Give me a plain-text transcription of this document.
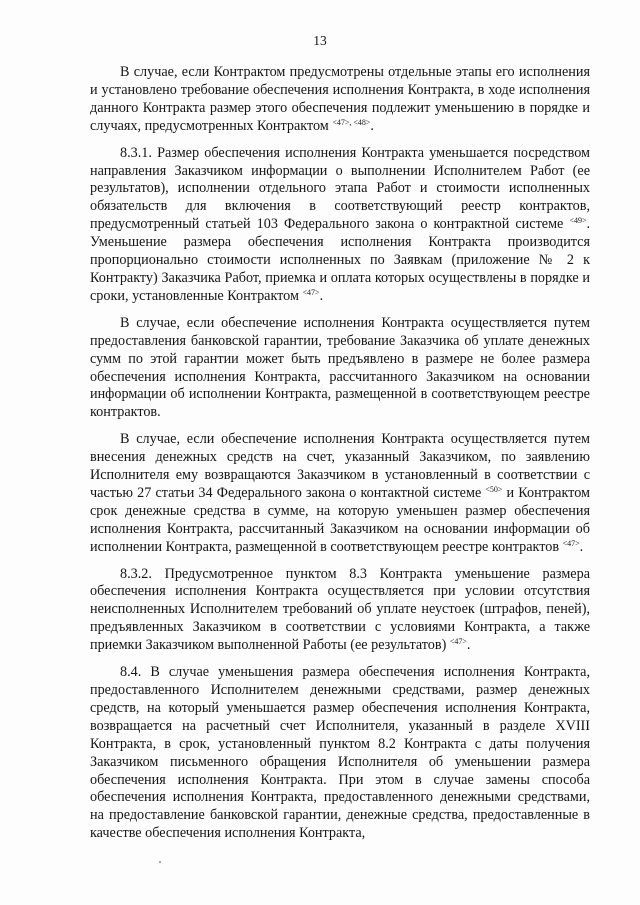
13

В случае, если Контрактом предусмотрены отдельные этапы его исполнения и установлено требование обеспечения исполнения Контракта, в ходе исполнения данного Контракта размер этого обеспечения подлежит уменьшению в порядке и случаях, предусмотренных Контрактом $^{<47>, <48>}$.

8.3.1. Размер обеспечения исполнения Контракта уменьшается посредством направления Заказчиком информации о выполнении Исполнителем Работ (ее результатов), исполнении отдельного этапа Работ и стоимости исполненных обязательств для включения в соответствующий реестр контрактов, предусмотренный статьей 103 Федерального закона о контрактной системе $^{<49>}$. Уменьшение размера обеспечения исполнения Контракта производится пропорционально стоимости исполненных по Заявкам (приложение № 2 к Контракту) Заказчика Работ, приемка и оплата которых осуществлены в порядке и сроки, установленные Контрактом $^{<47>}$.

В случае, если обеспечение исполнения Контракта осуществляется путем предоставления банковской гарантии, требование Заказчика об уплате денежных сумм по этой гарантии может быть предъявлено в размере не более размера обеспечения исполнения Контракта, рассчитанного Заказчиком на основании информации об исполнении Контракта, размещенной в соответствующем реестре контрактов.

В случае, если обеспечение исполнения Контракта осуществляется путем внесения денежных средств на счет, указанный Заказчиком, по заявлению Исполнителя ему возвращаются Заказчиком в установленный в соответствии с частью 27 статьи 34 Федерального закона о контактной системе $^{<50>}$ и Контрактом срок денежные средства в сумме, на которую уменьшен размер обеспечения исполнения Контракта, рассчитанный Заказчиком на основании информации об исполнении Контракта, размещенной в соответствующем реестре контрактов $^{<47>}$.

8.3.2. Предусмотренное пунктом 8.3 Контракта уменьшение размера обеспечения исполнения Контракта осуществляется при условии отсутствия неисполненных Исполнителем требований об уплате неустоек (штрафов, пеней), предъявленных Заказчиком в соответствии с условиями Контракта, а также приемки Заказчиком выполненной Работы (ее результатов) $^{<47>}$.

8.4. В случае уменьшения размера обеспечения исполнения Контракта, предоставленного Исполнителем денежными средствами, размер денежных средств, на который уменьшается размер обеспечения исполнения Контракта, возвращается на расчетный счет Исполнителя, указанный в разделе XVIII Контракта, в срок, установленный пунктом 8.2 Контракта с даты получения Заказчиком письменного обращения Исполнителя об уменьшении размера обеспечения исполнения Контракта. При этом в случае замены способа обеспечения исполнения Контракта, предоставленного денежными средствами, на предоставление банковской гарантии, денежные средства, предоставленные в качестве обеспечения исполнения Контракта,
